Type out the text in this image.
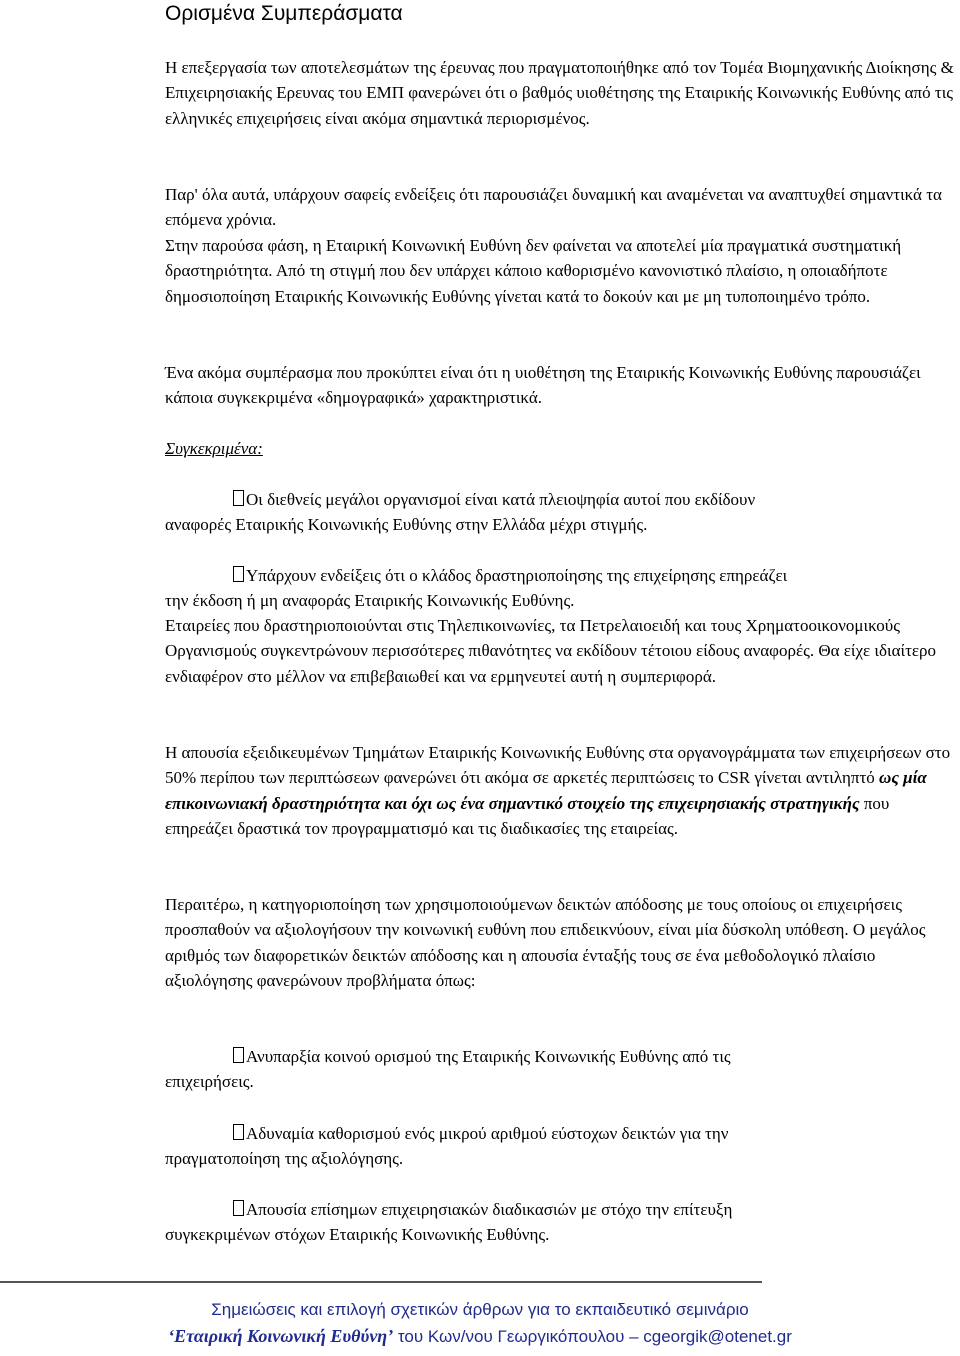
Ορισμένα Συμπεράσματα

Η επεξεργασία των αποτελεσμάτων της έρευνας που πραγματοποιήθηκε από τον Τομέα Βιομηχανικής Διοίκησης & Επιχειρησιακής Ερευνας του ΕΜΠ φανερώνει ότι ο βαθμός υιοθέτησης της Εταιρικής Κοινωνικής Ευθύνης από τις ελληνικές επιχειρήσεις είναι ακόμα σημαντικά περιορισμένος.

Παρ' όλα αυτά, υπάρχουν σαφείς ενδείξεις ότι παρουσιάζει δυναμική και αναμένεται να αναπτυχθεί σημαντικά τα επόμενα χρόνια.

Στην παρούσα φάση, η Εταιρική Κοινωνική Ευθύνη δεν φαίνεται να αποτελεί μία πραγματικά συστηματική δραστηριότητα. Από τη στιγμή που δεν υπάρχει κάποιο καθορισμένο κανονιστικό πλαίσιο, η οποιαδήποτε δημοσιοποίηση Εταιρικής Κοινωνικής Ευθύνης γίνεται κατά το δοκούν και με μη τυποποιημένο τρόπο.

Ένα ακόμα συμπέρασμα που προκύπτει είναι ότι η υιοθέτηση της Εταιρικής Κοινωνικής Ευθύνης παρουσιάζει κάποια συγκεκριμένα «δημογραφικά» χαρακτηριστικά.

Συγκεκριμένα:

Οι διεθνείς μεγάλοι οργανισμοί είναι κατά πλειοψηφία αυτοί που εκδίδουν
αναφορές Εταιρικής Κοινωνικής Ευθύνης στην Ελλάδα μέχρι στιγμής.

Υπάρχουν ενδείξεις ότι ο κλάδος δραστηριοποίησης της επιχείρησης επηρεάζει
την έκδοση ή μη αναφοράς Εταιρικής Κοινωνικής Ευθύνης.

Εταιρείες που δραστηριοποιούνται στις Τηλεπικοινωνίες, τα Πετρελαιοειδή και τους Χρηματοοικονομικούς Οργανισμούς συγκεντρώνουν περισσότερες πιθανότητες να εκδίδουν τέτοιου είδους αναφορές. Θα είχε ιδιαίτερο ενδιαφέρον στο μέλλον να επιβεβαιωθεί και να ερμηνευτεί αυτή η συμπεριφορά.

Η απουσία εξειδικευμένων Τμημάτων Εταιρικής Κοινωνικής Ευθύνης στα οργανογράμματα των επιχειρήσεων στο 50% περίπου των περιπτώσεων φανερώνει ότι ακόμα σε αρκετές περιπτώσεις το CSR γίνεται αντιληπτό ως μία επικοινωνιακή δραστηριότητα και όχι ως ένα σημαντικό στοιχείο της επιχειρησιακής στρατηγικής που επηρεάζει δραστικά τον προγραμματισμό και τις διαδικασίες της εταιρείας.

Περαιτέρω, η κατηγοριοποίηση των χρησιμοποιούμενων δεικτών απόδοσης με τους οποίους οι επιχειρήσεις προσπαθούν να αξιολογήσουν την κοινωνική ευθύνη που επιδεικνύουν, είναι μία δύσκολη υπόθεση. Ο μεγάλος αριθμός των διαφορετικών δεικτών απόδοσης και η απουσία ένταξής τους σε ένα μεθοδολογικό πλαίσιο αξιολόγησης φανερώνουν προβλήματα όπως:

Ανυπαρξία κοινού ορισμού της Εταιρικής Κοινωνικής Ευθύνης από τις
επιχειρήσεις.

Αδυναμία καθορισμού ενός μικρού αριθμού εύστοχων δεικτών για την
πραγματοποίηση της αξιολόγησης.

Απουσία επίσημων επιχειρησιακών διαδικασιών με στόχο την επίτευξη
συγκεκριμένων στόχων Εταιρικής Κοινωνικής Ευθύνης.

Σημειώσεις και επιλογή σχετικών άρθρων για το εκπαιδευτικό σεμινάριο
‘Εταιρική Κοινωνική Ευθύνη’ του Κων/νου Γεωργικόπουλου – cgeorgik@otenet.gr
